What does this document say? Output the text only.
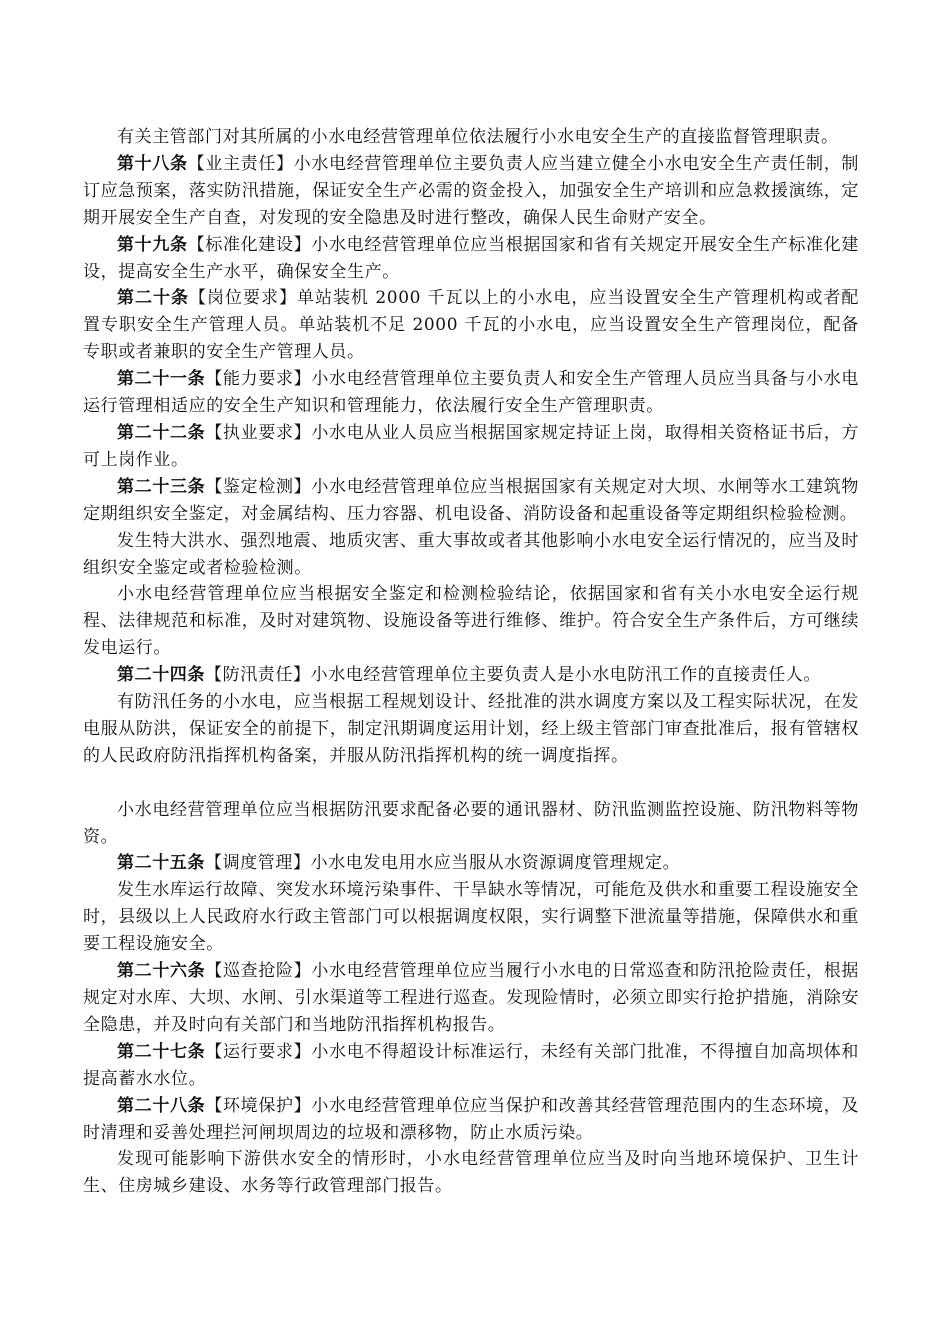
有关主管部门对其所属的小水电经营管理单位依法履行小水电安全生产的直接监督管理职责。

第十八条【业主责任】小水电经营管理单位主要负责人应当建立健全小水电安全生产责任制，制订应急预案，落实防汛措施，保证安全生产必需的资金投入，加强安全生产培训和应急救援演练，定期开展安全生产自查，对发现的安全隐患及时进行整改，确保人民生命财产安全。

第十九条【标准化建设】小水电经营管理单位应当根据国家和省有关规定开展安全生产标准化建设，提高安全生产水平，确保安全生产。

第二十条【岗位要求】单站装机 2000 千瓦以上的小水电，应当设置安全生产管理机构或者配置专职安全生产管理人员。单站装机不足 2000 千瓦的小水电，应当设置安全生产管理岗位，配备专职或者兼职的安全生产管理人员。

第二十一条【能力要求】小水电经营管理单位主要负责人和安全生产管理人员应当具备与小水电运行管理相适应的安全生产知识和管理能力，依法履行安全生产管理职责。

第二十二条【执业要求】小水电从业人员应当根据国家规定持证上岗，取得相关资格证书后，方可上岗作业。

第二十三条【鉴定检测】小水电经营管理单位应当根据国家有关规定对大坝、水闸等水工建筑物定期组织安全鉴定，对金属结构、压力容器、机电设备、消防设备和起重设备等定期组织检验检测。

发生特大洪水、强烈地震、地质灾害、重大事故或者其他影响小水电安全运行情况的，应当及时组织安全鉴定或者检验检测。

小水电经营管理单位应当根据安全鉴定和检测检验结论，依据国家和省有关小水电安全运行规程、法律规范和标准，及时对建筑物、设施设备等进行维修、维护。符合安全生产条件后，方可继续发电运行。

第二十四条【防汛责任】小水电经营管理单位主要负责人是小水电防汛工作的直接责任人。

有防汛任务的小水电，应当根据工程规划设计、经批准的洪水调度方案以及工程实际状况，在发电服从防洪，保证安全的前提下，制定汛期调度运用计划，经上级主管部门审查批准后，报有管辖权的人民政府防汛指挥机构备案，并服从防汛指挥机构的统一调度指挥。

小水电经营管理单位应当根据防汛要求配备必要的通讯器材、防汛监测监控设施、防汛物料等物资。

第二十五条【调度管理】小水电发电用水应当服从水资源调度管理规定。

发生水库运行故障、突发水环境污染事件、干旱缺水等情况，可能危及供水和重要工程设施安全时，县级以上人民政府水行政主管部门可以根据调度权限，实行调整下泄流量等措施，保障供水和重要工程设施安全。

第二十六条【巡查抢险】小水电经营管理单位应当履行小水电的日常巡查和防汛抢险责任，根据规定对水库、大坝、水闸、引水渠道等工程进行巡查。发现险情时，必须立即实行抢护措施，消除安全隐患，并及时向有关部门和当地防汛指挥机构报告。

第二十七条【运行要求】小水电不得超设计标准运行，未经有关部门批准，不得擅自加高坝体和提高蓄水水位。

第二十八条【环境保护】小水电经营管理单位应当保护和改善其经营管理范围内的生态环境，及时清理和妥善处理拦河闸坝周边的垃圾和漂移物，防止水质污染。

发现可能影响下游供水安全的情形时，小水电经营管理单位应当及时向当地环境保护、卫生计生、住房城乡建设、水务等行政管理部门报告。
